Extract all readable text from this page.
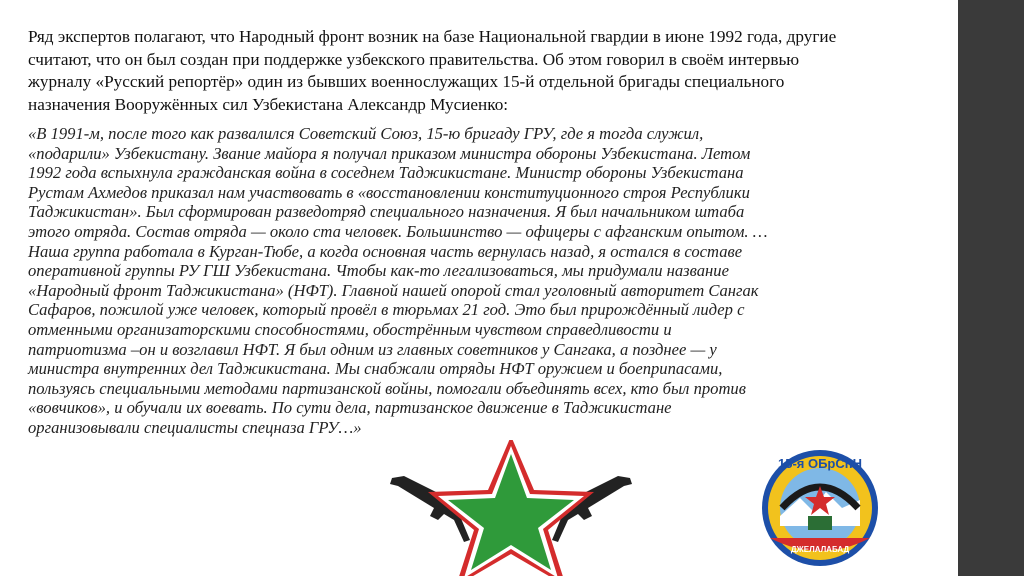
Ряд экспертов полагают, что Народный фронт возник на базе Национальной гвардии в июне 1992 года, другие
считают, что он был создан при поддержке узбекского правительства. Об этом говорил в своём интервью
журналу «Русский репортёр» один из бывших военнослужащих 15-й отдельной бригады специального
назначения Вооружённых сил Узбекистана Александр Мусиенко:

«В 1991-м, после того как развалился Советский Союз, 15-ю бригаду ГРУ, где я тогда служил,
«подарили» Узбекистану. Звание майора я получал приказом министра обороны Узбекистана. Летом
1992 года вспыхнула гражданская война в соседнем Таджикистане. Министр обороны Узбекистана
Рустам Ахмедов приказал нам участвовать в «восстановлении конституционного строя Республики
Таджикистан». Был сформирован разведотряд специального назначения. Я был начальником штаба
этого отряда. Состав отряда — около ста человек. Большинство — офицеры с афганским опытом. …
Наша группа работала в Курган-Тюбе, а когда основная часть вернулась назад, я остался в составе
оперативной группы РУ ГШ Узбекистана. Чтобы как-то легализоваться, мы придумали название
«Народный фронт Таджикистана» (НФТ). Главной нашей опорой стал уголовный авторитет Сангак
Сафаров, пожилой уже человек, который провёл в тюрьмах 21 год. Это был прирождённый лидер с
отменными организаторскими способностями, обострённым чувством справедливости и
патриотизма –он и возглавил НФТ. Я был одним из главных советников у Сангака, а позднее — у
министра внутренних дел Таджикистана. Мы снабжали отряды НФТ оружием и боеприпасами,
пользуясь специальными методами партизанской войны, помогали объединять всех, кто был против
«вовчиков», и обучали их воевать. По сути дела, партизанское движение в Таджикистане
организовывали специалисты спецназа ГРУ…»

15-я ОБрСпН
ДЖЕЛАЛАБАД
